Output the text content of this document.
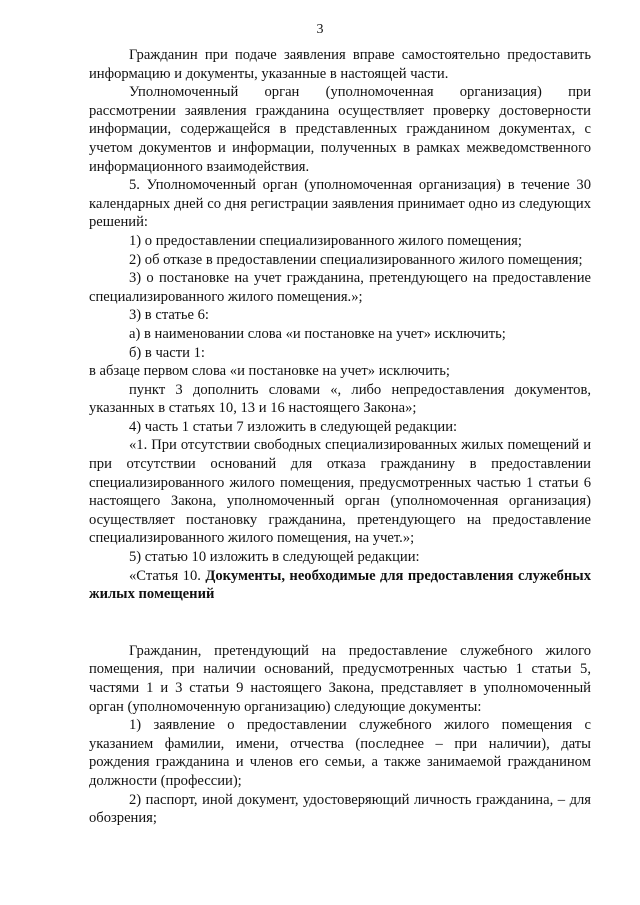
3

Гражданин при подаче заявления вправе самостоятельно предоставить информацию и документы, указанные в настоящей части.

Уполномоченный орган (уполномоченная организация) при рассмотрении заявления гражданина осуществляет проверку достоверности информации, содержащейся в представленных гражданином документах, с учетом документов и информации, полученных в рамках межведомственного информационного взаимодействия.

5. Уполномоченный орган (уполномоченная организация) в течение 30 календарных дней со дня регистрации заявления принимает одно из следующих решений:

1) о предоставлении специализированного жилого помещения;

2) об отказе в предоставлении специализированного жилого помещения;

3) о постановке на учет гражданина, претендующего на предоставление специализированного жилого помещения.»;

3) в статье 6:

а) в наименовании слова «и постановке на учет» исключить;

б) в части 1:

в абзаце первом слова «и постановке на учет» исключить;

пункт 3 дополнить словами «, либо непредоставления документов, указанных в статьях 10, 13 и 16 настоящего Закона»;

4) часть 1 статьи 7 изложить в следующей редакции:

«1. При отсутствии свободных специализированных жилых помещений и при отсутствии оснований для отказа гражданину в предоставлении специализированного жилого помещения, предусмотренных частью 1 статьи 6 настоящего Закона, уполномоченный орган (уполномоченная организация) осуществляет постановку гражданина, претендующего на предоставление специализированного жилого помещения, на учет.»;

5) статью 10 изложить в следующей редакции:

«Статья 10. Документы, необходимые для предоставления служебных жилых помещений

Гражданин, претендующий на предоставление служебного жилого помещения, при наличии оснований, предусмотренных частью 1 статьи 5, частями 1 и 3 статьи 9 настоящего Закона, представляет в уполномоченный орган (уполномоченную организацию) следующие документы:

1) заявление о предоставлении служебного жилого помещения с указанием фамилии, имени, отчества (последнее – при наличии), даты рождения гражданина и членов его семьи, а также занимаемой гражданином должности (профессии);

2) паспорт, иной документ, удостоверяющий личность гражданина, – для обозрения;
